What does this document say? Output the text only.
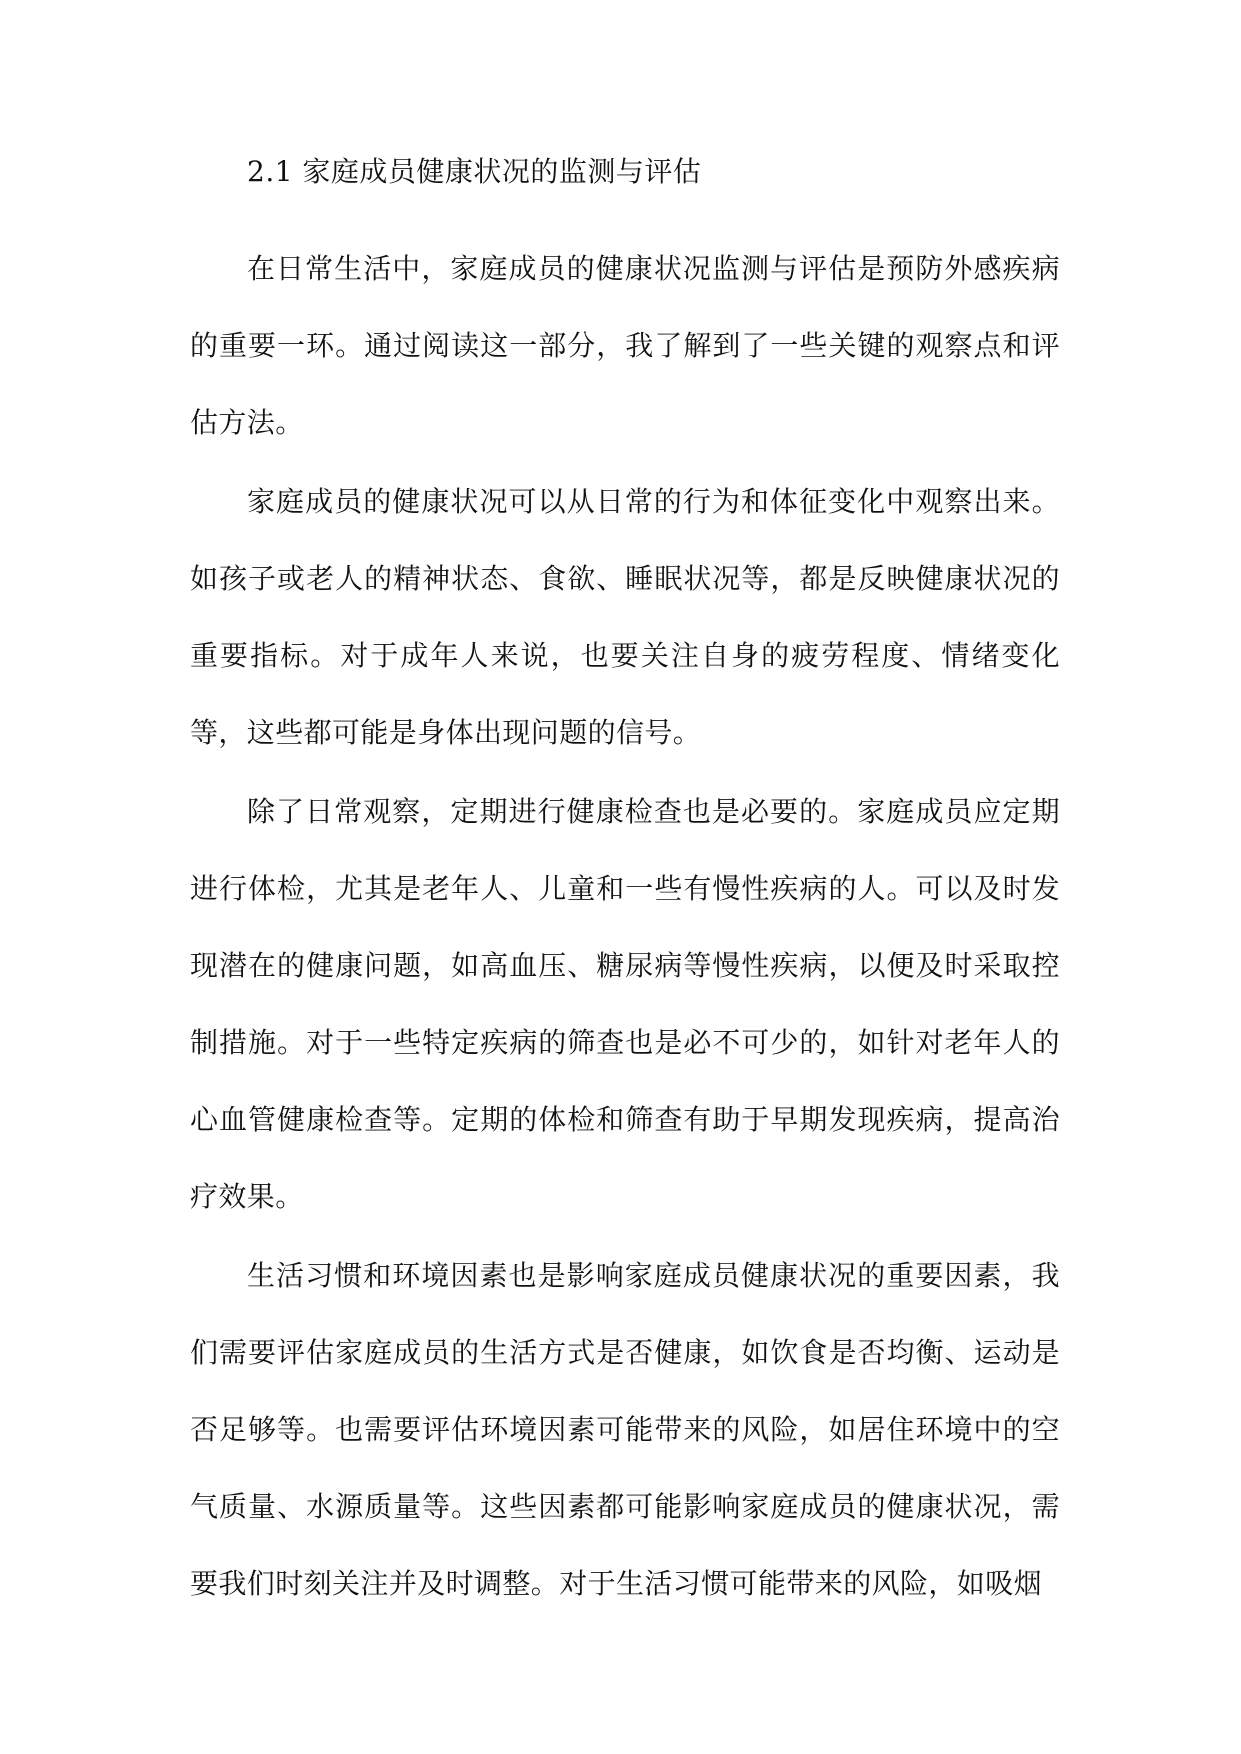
2.1 家庭成员健康状况的监测与评估

在日常生活中，家庭成员的健康状况监测与评估是预防外感疾病的重要一环。通过阅读这一部分，我了解到了一些关键的观察点和评估方法。

家庭成员的健康状况可以从日常的行为和体征变化中观察出来。如孩子或老人的精神状态、食欲、睡眠状况等，都是反映健康状况的重要指标。对于成年人来说，也要关注自身的疲劳程度、情绪变化等，这些都可能是身体出现问题的信号。

除了日常观察，定期进行健康检查也是必要的。家庭成员应定期进行体检，尤其是老年人、儿童和一些有慢性疾病的人。可以及时发现潜在的健康问题，如高血压、糖尿病等慢性疾病，以便及时采取控制措施。对于一些特定疾病的筛查也是必不可少的，如针对老年人的心血管健康检查等。定期的体检和筛查有助于早期发现疾病，提高治疗效果。

生活习惯和环境因素也是影响家庭成员健康状况的重要因素，我们需要评估家庭成员的生活方式是否健康，如饮食是否均衡、运动是否足够等。也需要评估环境因素可能带来的风险，如居住环境中的空气质量、水源质量等。这些因素都可能影响家庭成员的健康状况，需要我们时刻关注并及时调整。对于生活习惯可能带来的风险，如吸烟
